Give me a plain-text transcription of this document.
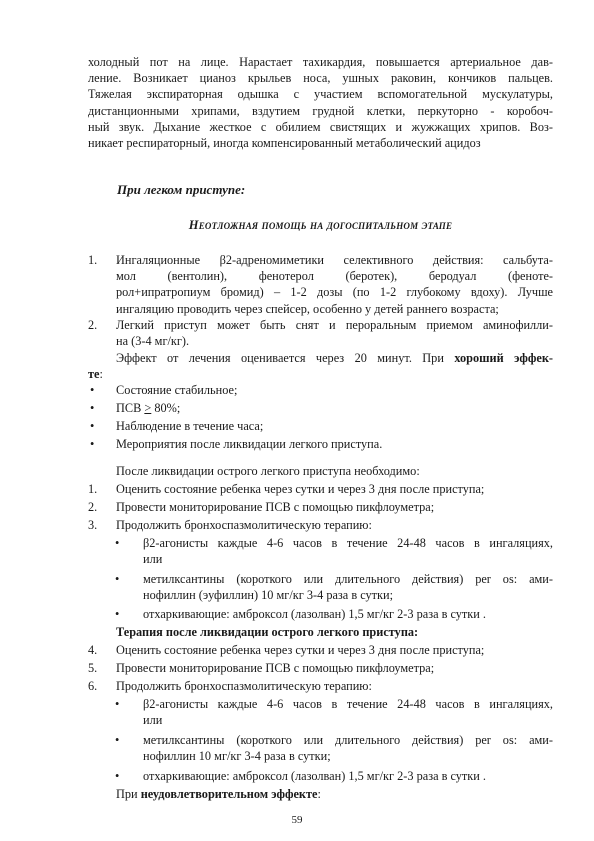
холодный пот на лице. Нарастает тахикардия, повышается артериальное дав-
ление. Возникает цианоз крыльев носа, ушных раковин, кончиков пальцев.
Тяжелая экспираторная одышка с участием вспомогательной мускулатуры,
дистанционными хрипами, вздутием грудной клетки, перкуторно - коробоч-
ный звук. Дыхание жесткое с обилием свистящих и жужжащих хрипов. Воз-
никает респираторный, иногда компенсированный метаболический ацидоз
При легком приступе:
Неотложная помощь на догоспитальном этапе
1. Ингаляционные β2-адреномиметики селективного действия: сальбута-
мол (вентолин), фенотерол (беротек), беродуал (феноте-
рол+ипратропиум бромид) – 1-2 дозы (по 1-2 глубокому вдоху). Лучше
ингаляцию проводить через спейсер, особенно у детей раннего возраста;
2. Легкий приступ может быть снят и пероральным приемом аминофилли-
на (3-4 мг/кг).
Эффект от лечения оценивается через 20 минут. При хороший эффек-
те:
• Состояние стабильное;
• ПСВ ≥ 80%;
• Наблюдение в течение часа;
• Мероприятия после ликвидации легкого приступа.
После ликвидации острого легкого приступа необходимо:
1. Оценить состояние ребенка через сутки и через 3 дня после приступа;
2. Провести мониторирование ПСВ с помощью пикфлоуметра;
3. Продолжить бронхоспазмолитическую терапию:
• β2-агонисты каждые 4-6 часов в течение 24-48 часов в ингаляциях,
или
• метилксантины (короткого или длительного действия) per os: ами-
нофиллин (эуфиллин) 10 мг/кг 3-4 раза в сутки;
• отхаркивающие: амброксол (лазолван) 1,5 мг/кг 2-3 раза в сутки .
Терапия после ликвидации острого легкого приступа:
4. Оценить состояние ребенка через сутки и через 3 дня после приступа;
5. Провести мониторирование ПСВ с помощью пикфлоуметра;
6. Продолжить бронхоспазмолитическую терапию:
• β2-агонисты каждые 4-6 часов в течение 24-48 часов в ингаляциях,
или
• метилксантины (короткого или длительного действия) per os: ами-
нофиллин 10 мг/кг 3-4 раза в сутки;
• отхаркивающие: амброксол (лазолван) 1,5 мг/кг 2-3 раза в сутки .
При неудовлетворительном эффекте:
59
